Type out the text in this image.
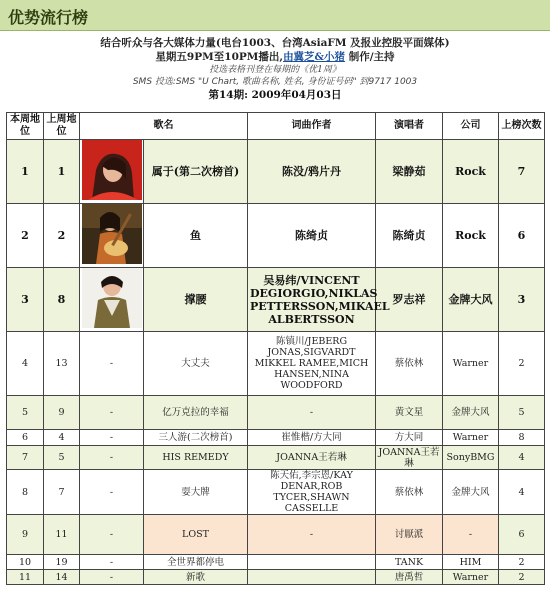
优势流行榜
结合听众与各大媒体力量(电台1003、台湾AsiaFM 及报业控股平面媒体)
星期五9PM至10PM播出,由冀芝&小猪 制作/主持
投选表格刊登在每期的《优1周》
SMS 投选:SMS "U Chart, 歌曲名称, 姓名, 身份证号码" 到9717 1003
第14期: 2009年04月03日
本周地位	上周地位	歌名		词曲作者	演唱者	公司	上榜次数
1	1		属于(第二次榜首)	陈没/鸦片丹	梁静茹	Rock	7
2	2		鱼	陈绮贞	陈绮贞	Rock	6
3	8		撑腰	吴易纬/VINCENT DEGIORGIO,NIKLAS PETTERSSON,MIKAEL ALBERTSSON	罗志祥	金牌大风	3
4	13	-	大丈夫	陈镇川/JEBERG JONAS,SIGVARDT MIKKEL RAMEE,MICH HANSEN,NINA WOODFORD	蔡依林	Warner	2
5	9	-	亿万克拉的幸福	-	黄文星	金牌大风	5
6	4	-	三人游(二次榜首)	崔惟楷/方大同	方大同	Warner	8
7	5	-	HIS REMEDY	JOANNA王若琳	JOANNA王若琳	SonyBMG	4
8	7	-	耍大牌	陈天佑,李宗恩/KAY DENAR,ROB TYCER,SHAWN CASSELLE	蔡依林	金牌大风	4
9	11	-	LOST	-	讨厭派	-	6
10	19	-	全世界都停电		TANK	HIM	2
11	14	-	新歌		唐禹哲	Warner	2
